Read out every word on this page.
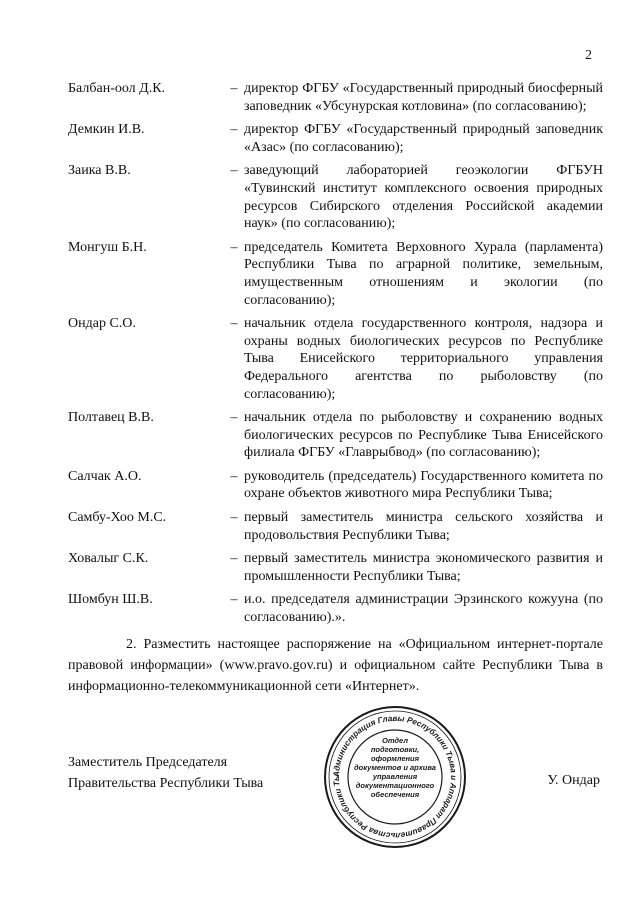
2
Балбан-оол Д.К.	– директор ФГБУ «Государственный природный биосферный заповедник «Убсунурская котловина» (по согласованию);
Демкин И.В.	– директор ФГБУ «Государственный природный заповедник «Азас» (по согласованию);
Заика В.В.	– заведующий лабораторией геоэкологии ФГБУН «Тувинский институт комплексного освоения природных ресурсов Сибирского отделения Российской академии наук» (по согласованию);
Монгуш Б.Н.	– председатель Комитета Верховного Хурала (парламента) Республики Тыва по аграрной политике, земельным, имущественным отношениям и экологии (по согласованию);
Ондар С.О.	– начальник отдела государственного контроля, надзора и охраны водных биологических ресурсов по Республике Тыва Енисейского территориального управления Федерального агентства по рыболовству (по согласованию);
Полтавец В.В.	– начальник отдела по рыболовству и сохранению водных биологических ресурсов по Республике Тыва Енисейского филиала ФГБУ «Главрыбвод» (по согласованию);
Салчак А.О.	– руководитель (председатель) Государственного комитета по охране объектов животного мира Республики Тыва;
Самбу-Хоо М.С.	– первый заместитель министра сельского хозяйства и продовольствия Республики Тыва;
Ховалыг С.К.	– первый заместитель министра экономического развития и промышленности Республики Тыва;
Шомбун Ш.В.	– и.о. председателя администрации Эрзинского кожууна (по согласованию).».
2. Разместить настоящее распоряжение на «Официальном интернет-портале правовой информации» (www.pravo.gov.ru) и официальном сайте Республики Тыва в информационно-телекоммуникационной сети «Интернет».
Заместитель Председателя
Правительства Республики Тыва	У. Ондар
Администрация Главы Республики Тыва и Аппарат Правительства Республики Ты
Отдел
подготовки,
оформления
документов и архива
управления
документационного
обеспечения
